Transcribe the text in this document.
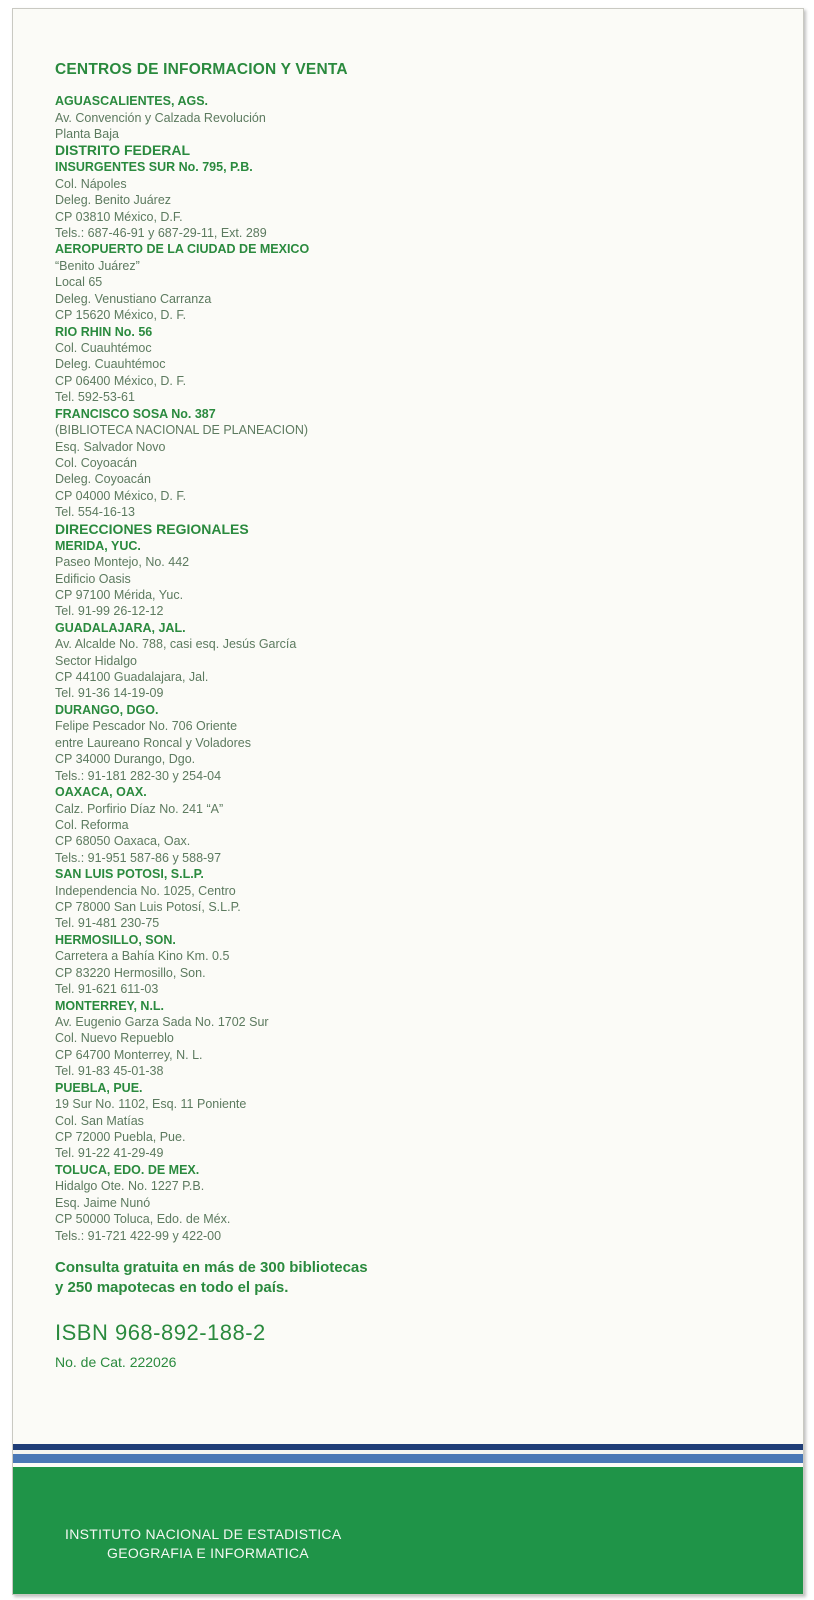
CENTROS DE INFORMACION Y VENTA
AGUASCALIENTES, AGS.
Av. Convención y Calzada Revolución
Planta Baja
DISTRITO FEDERAL
INSURGENTES SUR No. 795, P.B.
Col. Nápoles
Deleg. Benito Juárez
CP 03810 México, D.F.
Tels.: 687-46-91 y 687-29-11, Ext. 289
AEROPUERTO DE LA CIUDAD DE MEXICO
“Benito Juárez”
Local 65
Deleg. Venustiano Carranza
CP 15620 México, D. F.
RIO RHIN No. 56
Col. Cuauhtémoc
Deleg. Cuauhtémoc
CP 06400 México, D. F.
Tel. 592-53-61
FRANCISCO SOSA No. 387
(BIBLIOTECA NACIONAL DE PLANEACION)
Esq. Salvador Novo
Col. Coyoacán
Deleg. Coyoacán
CP 04000 México, D. F.
Tel. 554-16-13
DIRECCIONES REGIONALES
MERIDA, YUC.
Paseo Montejo, No. 442
Edificio Oasis
CP 97100 Mérida, Yuc.
Tel. 91-99 26-12-12
GUADALAJARA, JAL.
Av. Alcalde No. 788, casi esq. Jesús García
Sector Hidalgo
CP 44100 Guadalajara, Jal.
Tel. 91-36 14-19-09
DURANGO, DGO.
Felipe Pescador No. 706 Oriente
entre Laureano Roncal y Voladores
CP 34000 Durango, Dgo.
Tels.: 91-181 282-30 y 254-04
OAXACA, OAX.
Calz. Porfirio Díaz No. 241 “A”
Col. Reforma
CP 68050 Oaxaca, Oax.
Tels.: 91-951 587-86 y 588-97
SAN LUIS POTOSI, S.L.P.
Independencia No. 1025, Centro
CP 78000 San Luis Potosí, S.L.P.
Tel. 91-481 230-75
HERMOSILLO, SON.
Carretera a Bahía Kino Km. 0.5
CP 83220 Hermosillo, Son.
Tel. 91-621 611-03
MONTERREY, N.L.
Av. Eugenio Garza Sada No. 1702 Sur
Col. Nuevo Repueblo
CP 64700 Monterrey, N. L.
Tel. 91-83 45-01-38
PUEBLA, PUE.
19 Sur No. 1102, Esq. 11 Poniente
Col. San Matías
CP 72000 Puebla, Pue.
Tel. 91-22 41-29-49
TOLUCA, EDO. DE MEX.
Hidalgo Ote. No. 1227 P.B.
Esq. Jaime Nunó
CP 50000 Toluca, Edo. de Méx.
Tels.: 91-721 422-99 y 422-00
Consulta gratuita en más de 300 bibliotecas
y 250 mapotecas en todo el país.
ISBN 968-892-188-2
No. de Cat. 222026
INSTITUTO NACIONAL DE ESTADISTICA
GEOGRAFIA E INFORMATICA
